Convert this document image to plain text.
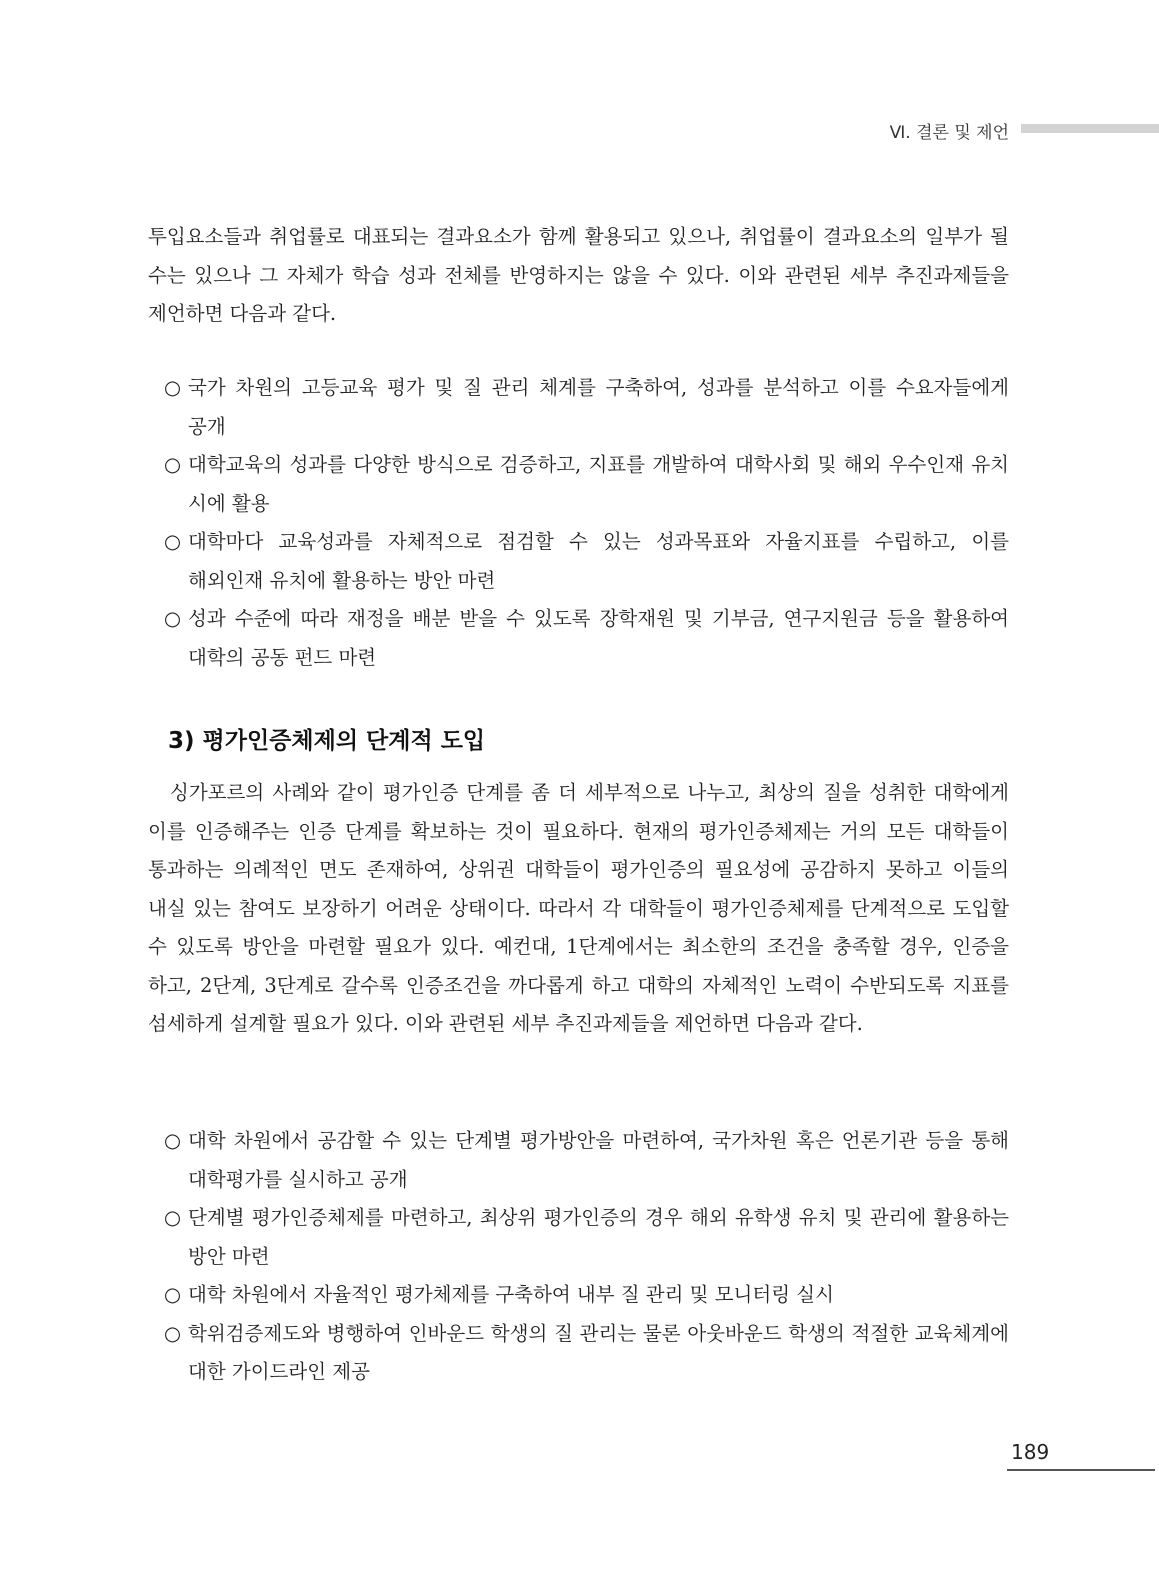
Ⅵ. 결론 및 제언
투입요소들과 취업률로 대표되는 결과요소가 함께 활용되고 있으나, 취업률이 결과요소의 일부가 될 수는 있으나 그 자체가 학습 성과 전체를 반영하지는 않을 수 있다. 이와 관련된 세부 추진과제들을 제언하면 다음과 같다.
○ 국가 차원의 고등교육 평가 및 질 관리 체계를 구축하여, 성과를 분석하고 이를 수요자들에게 공개
○ 대학교육의 성과를 다양한 방식으로 검증하고, 지표를 개발하여 대학사회 및 해외 우수인재 유치 시에 활용
○ 대학마다 교육성과를 자체적으로 점검할 수 있는 성과목표와 자율지표를 수립하고, 이를 해외인재 유치에 활용하는 방안 마련
○ 성과 수준에 따라 재정을 배분 받을 수 있도록 장학재원 및 기부금, 연구지원금 등을 활용하여 대학의 공동 펀드 마련
3) 평가인증체제의 단계적 도입
싱가포르의 사례와 같이 평가인증 단계를 좀 더 세부적으로 나누고, 최상의 질을 성취한 대학에게 이를 인증해주는 인증 단계를 확보하는 것이 필요하다. 현재의 평가인증체제는 거의 모든 대학들이 통과하는 의례적인 면도 존재하여, 상위권 대학들이 평가인증의 필요성에 공감하지 못하고 이들의 내실 있는 참여도 보장하기 어려운 상태이다. 따라서 각 대학들이 평가인증체제를 단계적으로 도입할 수 있도록 방안을 마련할 필요가 있다. 예컨대, 1단계에서는 최소한의 조건을 충족할 경우, 인증을 하고, 2단계, 3단계로 갈수록 인증조건을 까다롭게 하고 대학의 자체적인 노력이 수반되도록 지표를 섬세하게 설계할 필요가 있다. 이와 관련된 세부 추진과제들을 제언하면 다음과 같다.
○ 대학 차원에서 공감할 수 있는 단계별 평가방안을 마련하여, 국가차원 혹은 언론기관 등을 통해 대학평가를 실시하고 공개
○ 단계별 평가인증체제를 마련하고, 최상위 평가인증의 경우 해외 유학생 유치 및 관리에 활용하는 방안 마련
○ 대학 차원에서 자율적인 평가체제를 구축하여 내부 질 관리 및 모니터링 실시
○ 학위검증제도와 병행하여 인바운드 학생의 질 관리는 물론 아웃바운드 학생의 적절한 교육체계에 대한 가이드라인 제공
189
